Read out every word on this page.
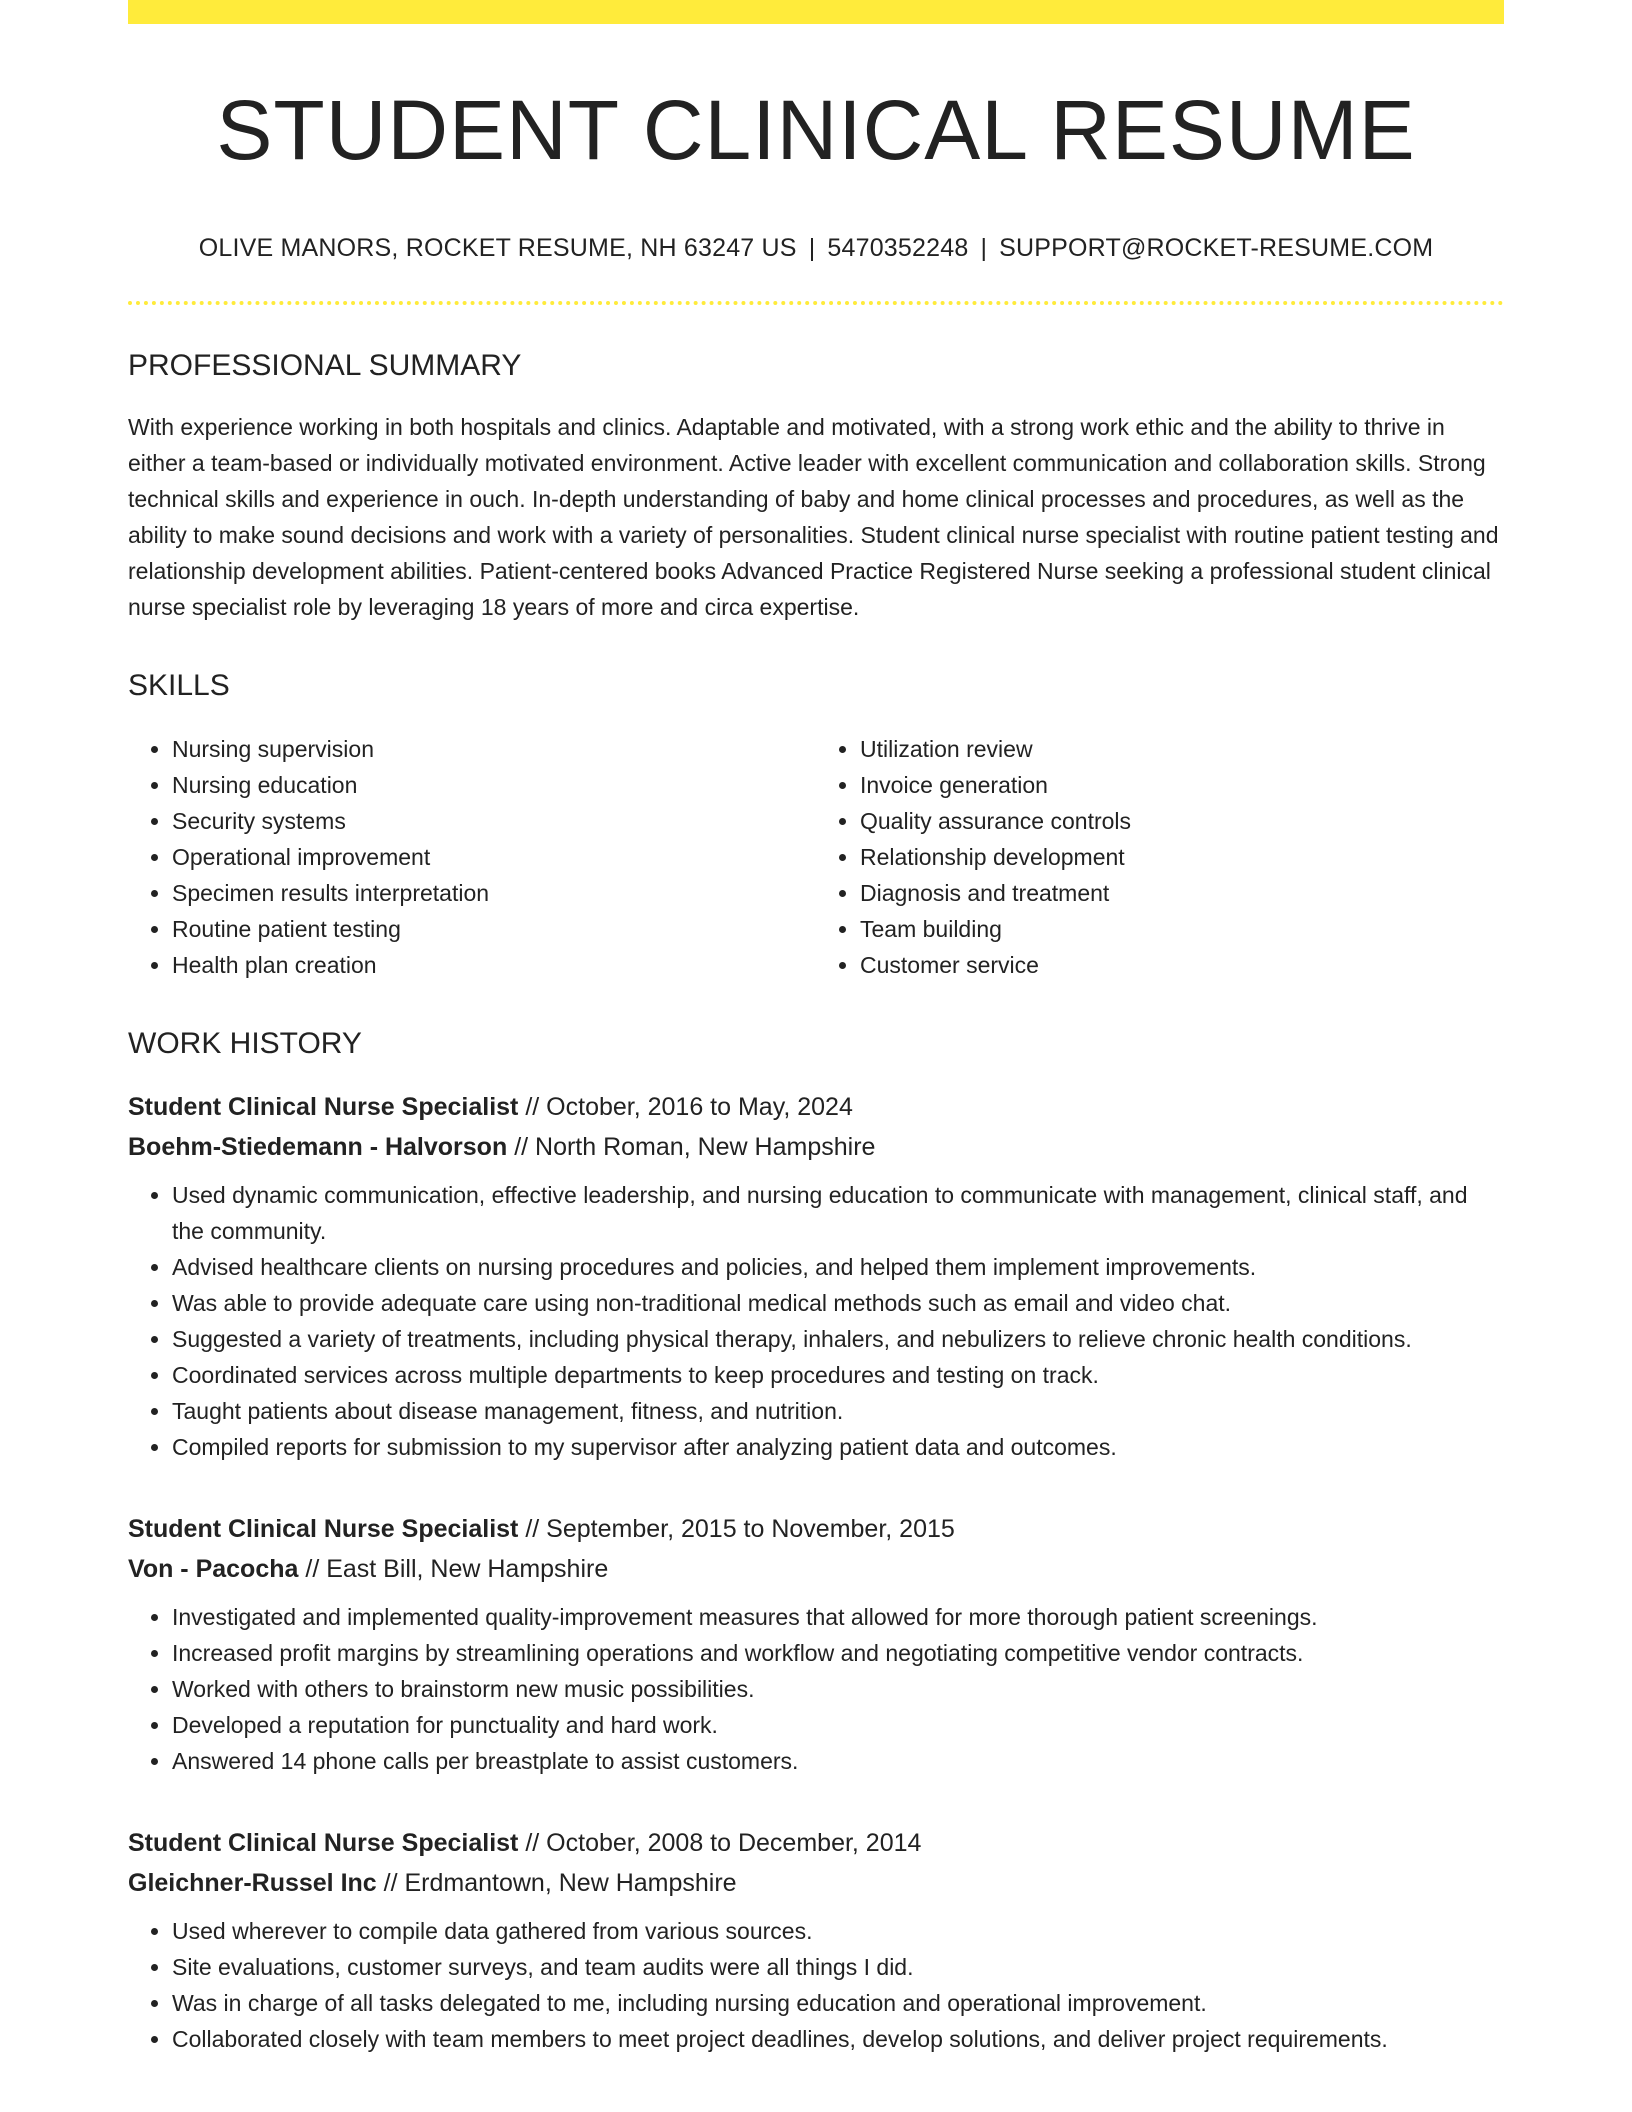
STUDENT CLINICAL RESUME
OLIVE MANORS, ROCKET RESUME, NH 63247 US | 5470352248 | SUPPORT@ROCKET-RESUME.COM
PROFESSIONAL SUMMARY

With experience working in both hospitals and clinics. Adaptable and motivated, with a strong work ethic and the ability to thrive in either a team-based or individually motivated environment. Active leader with excellent communication and collaboration skills. Strong technical skills and experience in ouch. In-depth understanding of baby and home clinical processes and procedures, as well as the ability to make sound decisions and work with a variety of personalities. Student clinical nurse specialist with routine patient testing and relationship development abilities. Patient-centered books Advanced Practice Registered Nurse seeking a professional student clinical nurse specialist role by leveraging 18 years of more and circa expertise.

SKILLS
• Nursing supervision
• Nursing education
• Security systems
• Operational improvement
• Specimen results interpretation
• Routine patient testing
• Health plan creation
• Utilization review
• Invoice generation
• Quality assurance controls
• Relationship development
• Diagnosis and treatment
• Team building
• Customer service
WORK HISTORY
Student Clinical Nurse Specialist // October, 2016 to May, 2024
Boehm-Stiedemann - Halvorson // North Roman, New Hampshire
• Used dynamic communication, effective leadership, and nursing education to communicate with management, clinical staff, and the community.
• Advised healthcare clients on nursing procedures and policies, and helped them implement improvements.
• Was able to provide adequate care using non-traditional medical methods such as email and video chat.
• Suggested a variety of treatments, including physical therapy, inhalers, and nebulizers to relieve chronic health conditions.
• Coordinated services across multiple departments to keep procedures and testing on track.
• Taught patients about disease management, fitness, and nutrition.
• Compiled reports for submission to my supervisor after analyzing patient data and outcomes.
Student Clinical Nurse Specialist // September, 2015 to November, 2015
Von - Pacocha // East Bill, New Hampshire
• Investigated and implemented quality-improvement measures that allowed for more thorough patient screenings.
• Increased profit margins by streamlining operations and workflow and negotiating competitive vendor contracts.
• Worked with others to brainstorm new music possibilities.
• Developed a reputation for punctuality and hard work.
• Answered 14 phone calls per breastplate to assist customers.
Student Clinical Nurse Specialist // October, 2008 to December, 2014
Gleichner-Russel Inc // Erdmantown, New Hampshire
• Used wherever to compile data gathered from various sources.
• Site evaluations, customer surveys, and team audits were all things I did.
• Was in charge of all tasks delegated to me, including nursing education and operational improvement.
• Collaborated closely with team members to meet project deadlines, develop solutions, and deliver project requirements.
